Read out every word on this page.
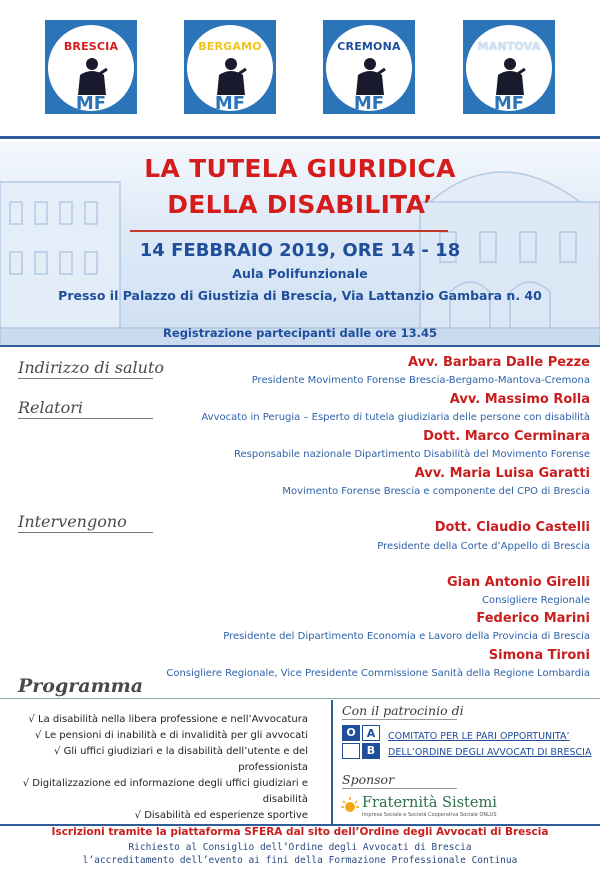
BRESCIA
MF
BERGAMO
MF
CREMONA
MF
MANTOVA
MF
LA TUTELA GIURIDICA
DELLA DISABILITA’
14 FEBBRAIO 2019, ORE 14 - 18
Aula Polifunzionale
Presso il Palazzo di Giustizia di Brescia, Via Lattanzio Gambara n. 40
Registrazione partecipanti dalle ore 13.45
Indirizzo di saluto
Relatori
Intervengono
Avv. Barbara Dalle Pezze
Presidente Movimento Forense Brescia-Bergamo-Mantova-Cremona
Avv. Massimo Rolla
Avvocato in Perugia – Esperto di tutela giudiziaria delle persone con disabilità
Dott. Marco Cerminara
Responsabile nazionale Dipartimento Disabilità del Movimento Forense
Avv. Maria Luisa Garatti
Movimento Forense Brescia e componente del CPO di Brescia
Dott. Claudio Castelli
Presidente della Corte d’Appello di Brescia
Gian Antonio Girelli
Consigliere Regionale
Federico Marini
Presidente del Dipartimento Economia e Lavoro della Provincia di Brescia
Simona Tironi
Consigliere Regionale, Vice Presidente Commissione Sanità della Regione Lombardia
Programma
√ La disabilità nella libera professione e nell’Avvocatura
√ Le pensioni di inabilità e di invalidità per gli avvocati
√ Gli uffici giudiziari e la disabilità dell’utente e del
professionista
√ Digitalizzazione ed informazione degli uffici giudiziari e
disabilità
√ Disabilità ed esperienze sportive
Con il patrocinio di
O	A
B
COMITATO PER LE PARI OPPORTUNITA’
DELL’ORDINE DEGLI AVVOCATI DI BRESCIA
Sponsor
Fraternità Sistemi
Impresa Sociale e Società Cooperativa Sociale ONLUS
Iscrizioni tramite la piattaforma SFERA dal sito dell’Ordine degli Avvocati di Brescia
Richiesto al Consiglio dell’Ordine degli Avvocati di Brescia
l’accreditamento dell’evento ai fini della Formazione Professionale Continua
